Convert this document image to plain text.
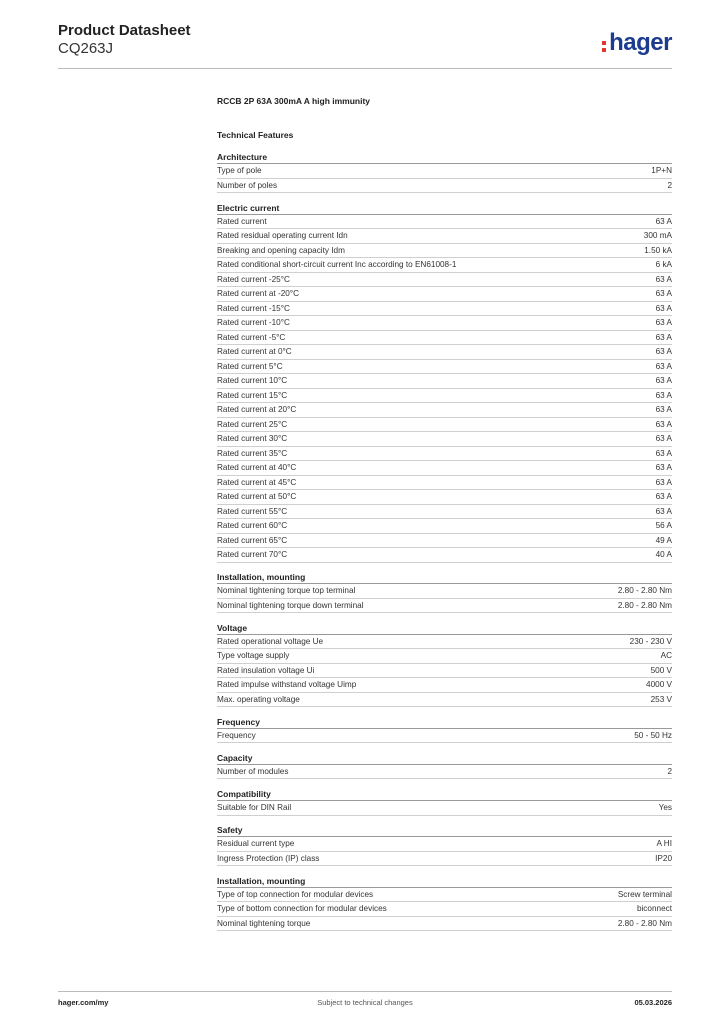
Product Datasheet
CQ263J	hager
RCCB 2P 63A 300mA A high immunity
Technical Features
Architecture
Type of pole	1P+N
Number of poles	2
Electric current
Rated current	63 A
Rated residual operating current Idn	300 mA
Breaking and opening capacity Idm	1.50 kA
Rated conditional short-circuit current Inc according to EN61008-1	6 kA
Rated current -25°C	63 A
Rated current at -20°C	63 A
Rated current -15°C	63 A
Rated current -10°C	63 A
Rated current -5°C	63 A
Rated current at 0°C	63 A
Rated current 5°C	63 A
Rated current 10°C	63 A
Rated current 15°C	63 A
Rated current at 20°C	63 A
Rated current 25°C	63 A
Rated current 30°C	63 A
Rated current 35°C	63 A
Rated current at 40°C	63 A
Rated current at 45°C	63 A
Rated current at 50°C	63 A
Rated current 55°C	63 A
Rated current 60°C	56 A
Rated current 65°C	49 A
Rated current 70°C	40 A
Installation, mounting
Nominal tightening torque top terminal	2.80 - 2.80 Nm
Nominal tightening torque down terminal	2.80 - 2.80 Nm
Voltage
Rated operational voltage Ue	230 - 230 V
Type voltage supply	AC
Rated insulation voltage Ui	500 V
Rated impulse withstand voltage Uimp	4000 V
Max. operating voltage	253 V
Frequency
Frequency	50 - 50 Hz
Capacity
Number of modules	2
Compatibility
Suitable for DIN Rail	Yes
Safety
Residual current type	A HI
Ingress Protection (IP) class	IP20
Installation, mounting
Type of top connection for modular devices	Screw terminal
Type of bottom connection for modular devices	biconnect
Nominal tightening torque	2.80 - 2.80 Nm
hager.com/my	Subject to technical changes	05.03.2026
